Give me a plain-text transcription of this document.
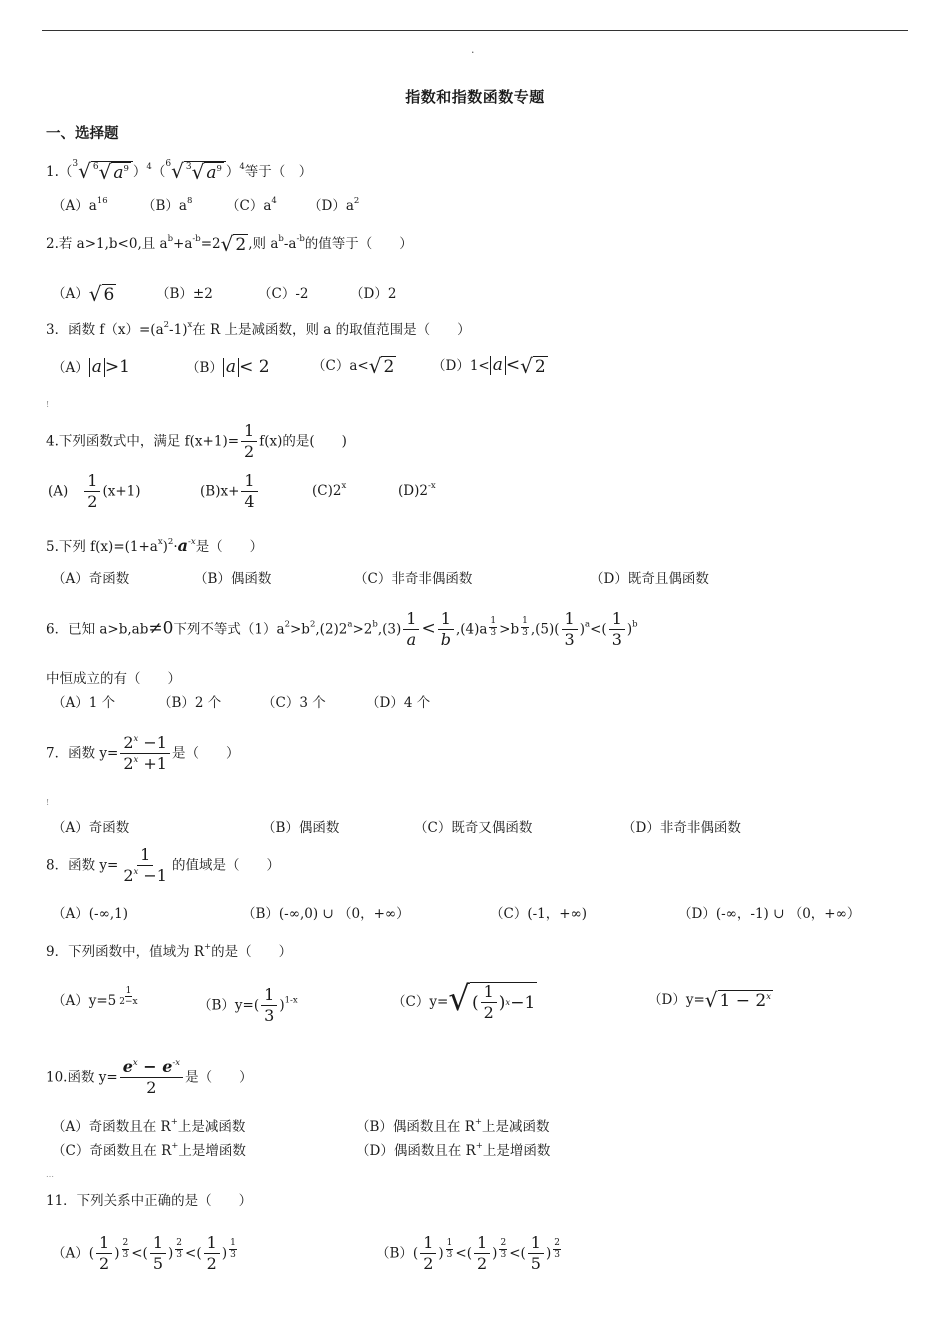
·
指数和指数函数专题
一、选择题
1.（$^3$ √ $^6$ √ $a^9$ ）$^4$（$^6$ √ $^3$ √ $a^9$ ）$^4$等于（　）
$(A)a^{16}$	$(B)a^8$ $(C)a^4$ $(D)a^2$
2.若 a>1,b<0,且 $a^b+a^{-b}=2$ √ 2 ,则 $a^b-a^{-b}$的值等于（　　）
（A） √ 6	（B）±2	（C）-2	（D）2
3．函数 $f(x)=(a^2-1)^x$在 R 上是减函数，则 a 的取值范围是（　　）
（A） a >1	（B） a < 2	（C）a< √ 2	（D）1< a < √ 2
!
4.下列函数式中，满足 $f(x+1)= \frac{1}{2} f(x)$的是(　　)
$(A) \frac{1}{2} (x+1)$	$(B)x+ \frac{1}{4}$	(C)2$^x$	$(D)2^{-x}$
5.下列 $f(x)=(1+a^x)^2\cdot a^{-x}$是（　　）
（A）奇函数	（B）偶函数	（C）非奇非偶函数	（D）既奇且偶函数
6．已知 a>b,ab≠0下列不等式$(1)a^2>b^2,(2)2^a>2^b,(3) \frac{1}{a} < \frac{1}{b} ,(4)a \frac{1}{3} >b \frac{1}{3} ,(5)( \frac{1}{3} )^a<( \frac{1}{3} )^b$
中恒成立的有（　　）
（A）1 个	（B）2 个	（C）3 个	（D）4 个
7．函数 $y= \frac{2^x -1}{2^x +1}$ 是（　　）
!
（A）奇函数	（B）偶函数	（C）既奇又偶函数	（D）非奇非偶函数
8．函数 $y= \frac{1}{2^x -1}$ 的值域是（　　）
（A）(-∞,1)	（B）(-∞,0) ∪ （0，+∞）	（C）(-1，+∞)	（D）(-∞，-1) ∪ （0，+∞）
9．下列函数中，值域为 R+的是（　　）
$(A)y=5 \frac{1}{2-x}$	$(B)y=( \frac{1}{3} )^{1-x}$	（C）y= √ (
1
2
) x −1	（D）y= √ $1 - 2^x$
10.函数 $y= \frac{e^x - e^{-x}}{2}$ 是（　　）
（A）奇函数且在 R+上是减函数	（B）偶函数且在 R+上是减函数
（C）奇函数且在 R+上是增函数	（D）偶函数且在 R+上是增函数
…
11．下列关系中正确的是（　　）
$(A)( \frac{1}{2}$ ) $\frac{2}{3}$ <( $\frac{1}{5}$ ) $\frac{2}{3}$ <( $\frac{1}{2}$ ) $\frac{1}{3}$	$(B)( \frac{1}{2}$ ) $\frac{1}{3}$ <( $\frac{1}{2}$ ) $\frac{2}{3}$ <( $\frac{1}{5}$ ) $\frac{2}{3}$
